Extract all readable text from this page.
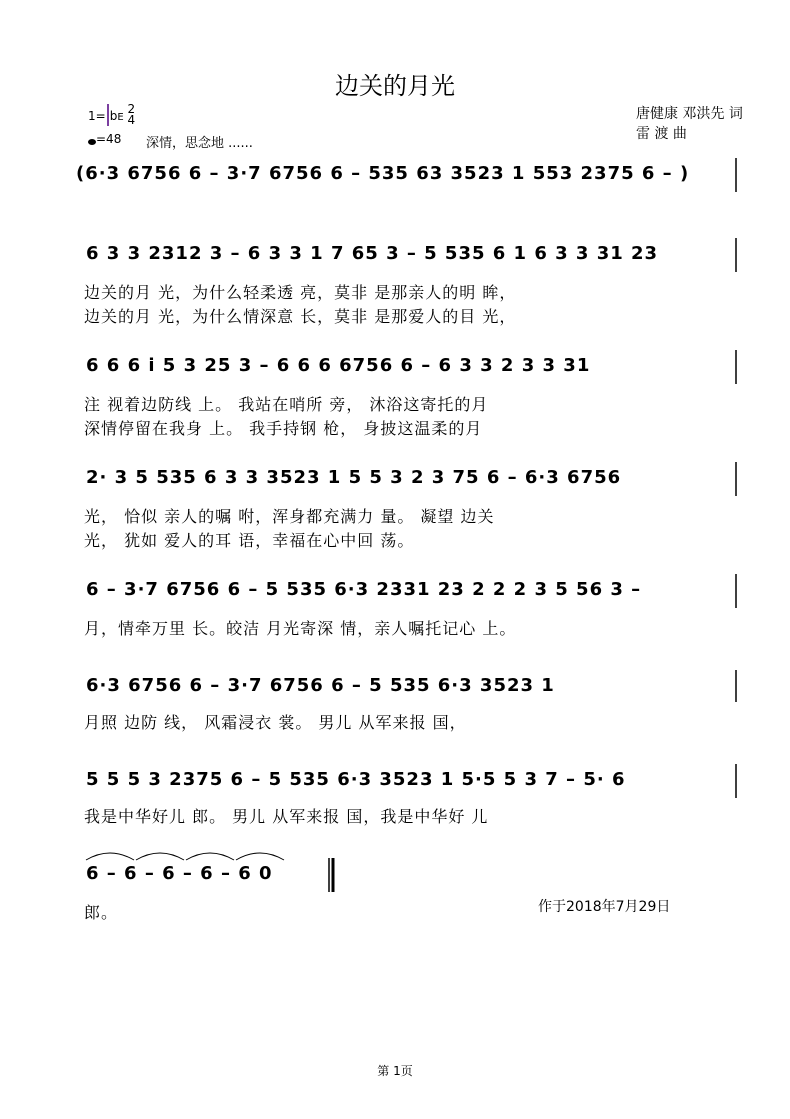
边关的月光
唐健康 邓洪先 词
雷 渡 曲
1= bE 2
4
=48 深情，思念地 ......
(6·3 6756 6 – 3·7 6756 6 – 535 63 3523 1 553 2375 6 – )
6 3 3 2312 3 – 6 3 3 1 7 65 3 – 5 535 6 1 6 3 3 31 23
边关的月 光，为什么轻柔透 亮，莫非 是那亲人的明 眸，
边关的月 光，为什么情深意 长，莫非 是那爱人的目 光，
6 6 6 i 5 3 25 3 – 6 6 6 6756 6 – 6 3 3 2 3 3 31
注 视着边防线 上。 我站在哨所 旁， 沐浴这寄托的月
深情停留在我身 上。 我手持钢 枪， 身披这温柔的月
2· 3 5 535 6 3 3 3523 1 5 5 3 2 3 75 6 – 6·3 6756
光， 恰似 亲人的嘱 咐，浑身都充满力 量。 凝望 边关
光， 犹如 爱人的耳 语，幸福在心中回 荡。
6 – 3·7 6756 6 – 5 535 6·3 2331 23 2 2 2 3 5 56 3 –
月，情牵万里 长。皎洁 月光寄深 情，亲人嘱托记心 上。
6·3 6756 6 – 3·7 6756 6 – 5 535 6·3 3523 1
月照 边防 线， 风霜浸衣 裳。 男儿 从军来报 国，
5 5 5 3 2375 6 – 5 535 6·3 3523 1 5·5 5 3 7 – 5· 6
我是中华好儿 郎。 男儿 从军来报 国，我是中华好 儿
6 – 6 – 6 – 6 – 6 0
郎。	作于2018年7月29日
第 1页
